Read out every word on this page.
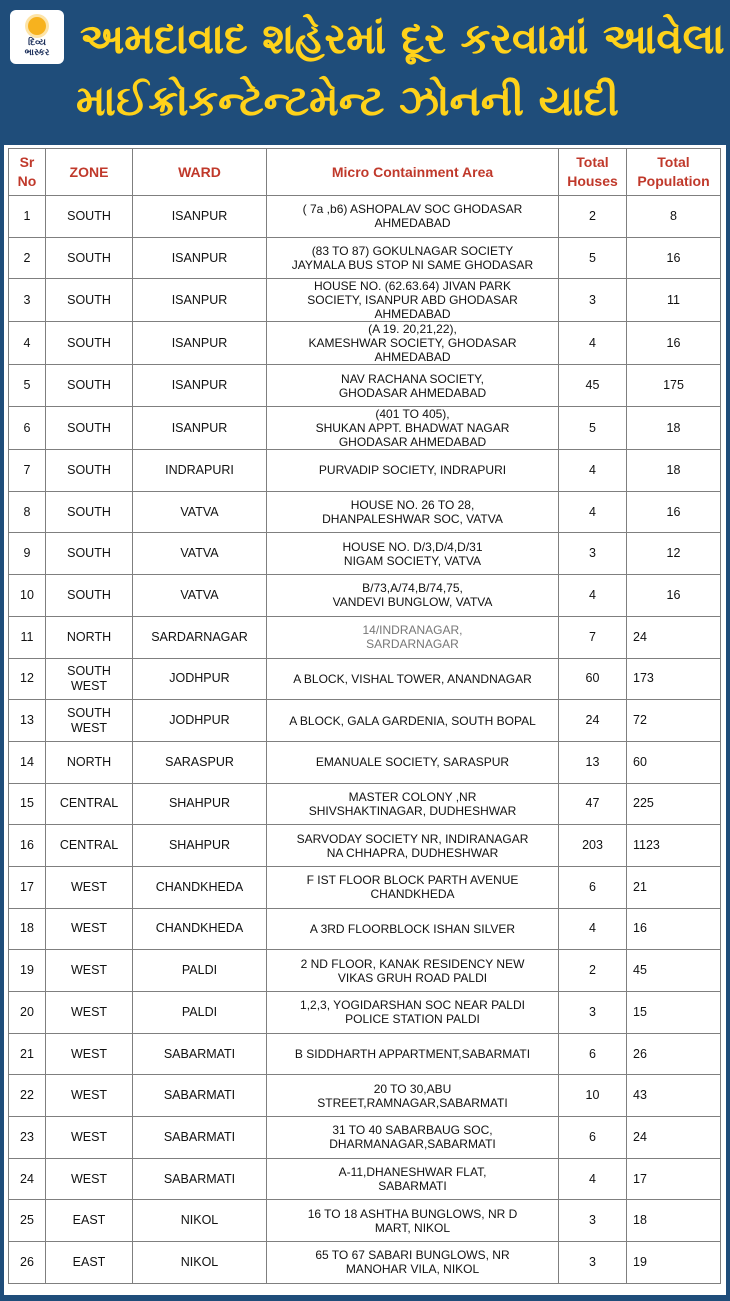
દિવ્ય
ભાસ્કર અમદાવાદ શહેરમાં દૂર કરવામાં આવેલા
માઈક્રોકન્ટેન્ટમેન્ટ ઝોનની યાદી
Sr
No	ZONE	WARD	Micro Containment Area	Total
Houses	Total
Population
1	SOUTH	ISANPUR	( 7a ,b6) ASHOPALAV SOC GHODASAR
AHMEDABAD	2	8
2	SOUTH	ISANPUR	(83 TO 87) GOKULNAGAR SOCIETY
JAYMALA BUS STOP NI SAME GHODASAR	5	16
3	SOUTH	ISANPUR	HOUSE NO. (62.63.64) JIVAN PARK
SOCIETY, ISANPUR ABD GHODASAR
AHMEDABAD	3	11
4	SOUTH	ISANPUR	(A 19. 20,21,22),
KAMESHWAR SOCIETY, GHODASAR
AHMEDABAD	4	16
5	SOUTH	ISANPUR	NAV RACHANA SOCIETY,
GHODASAR AHMEDABAD	45	175
6	SOUTH	ISANPUR	(401 TO 405),
SHUKAN APPT. BHADWAT NAGAR
GHODASAR AHMEDABAD	5	18
7	SOUTH	INDRAPURI	PURVADIP SOCIETY, INDRAPURI	4	18
8	SOUTH	VATVA	HOUSE NO. 26 TO 28,
DHANPALESHWAR SOC, VATVA	4	16
9	SOUTH	VATVA	HOUSE NO. D/3,D/4,D/31
NIGAM SOCIETY, VATVA	3	12
10	SOUTH	VATVA	B/73,A/74,B/74,75,
VANDEVI BUNGLOW, VATVA	4	16
11	NORTH	SARDARNAGAR	14/INDRANAGAR,
SARDARNAGAR	7	24
12	SOUTH
WEST	JODHPUR	A BLOCK, VISHAL TOWER, ANANDNAGAR	60	173
13	SOUTH
WEST	JODHPUR	A BLOCK, GALA GARDENIA, SOUTH BOPAL	24	72
14	NORTH	SARASPUR	EMANUALE SOCIETY, SARASPUR	13	60
15	CENTRAL	SHAHPUR	MASTER COLONY ,NR
SHIVSHAKTINAGAR, DUDHESHWAR	47	225
16	CENTRAL	SHAHPUR	SARVODAY SOCIETY NR, INDIRANAGAR
NA CHHAPRA, DUDHESHWAR	203	1123
17	WEST	CHANDKHEDA	F IST FLOOR BLOCK PARTH AVENUE
CHANDKHEDA	6	21
18	WEST	CHANDKHEDA	A 3RD FLOORBLOCK ISHAN SILVER	4	16
19	WEST	PALDI	2 ND FLOOR, KANAK RESIDENCY NEW
VIKAS GRUH ROAD PALDI	2	45
20	WEST	PALDI	1,2,3, YOGIDARSHAN SOC NEAR PALDI
POLICE STATION PALDI	3	15
21	WEST	SABARMATI	B SIDDHARTH APPARTMENT,SABARMATI	6	26
22	WEST	SABARMATI	20 TO 30,ABU
STREET,RAMNAGAR,SABARMATI	10	43
23	WEST	SABARMATI	31 TO 40 SABARBAUG SOC,
DHARMANAGAR,SABARMATI	6	24
24	WEST	SABARMATI	A-11,DHANESHWAR FLAT,
SABARMATI	4	17
25	EAST	NIKOL	16 TO 18 ASHTHA BUNGLOWS, NR D
MART, NIKOL	3	18
26	EAST	NIKOL	65 TO 67 SABARI BUNGLOWS, NR
MANOHAR VILA, NIKOL	3	19
